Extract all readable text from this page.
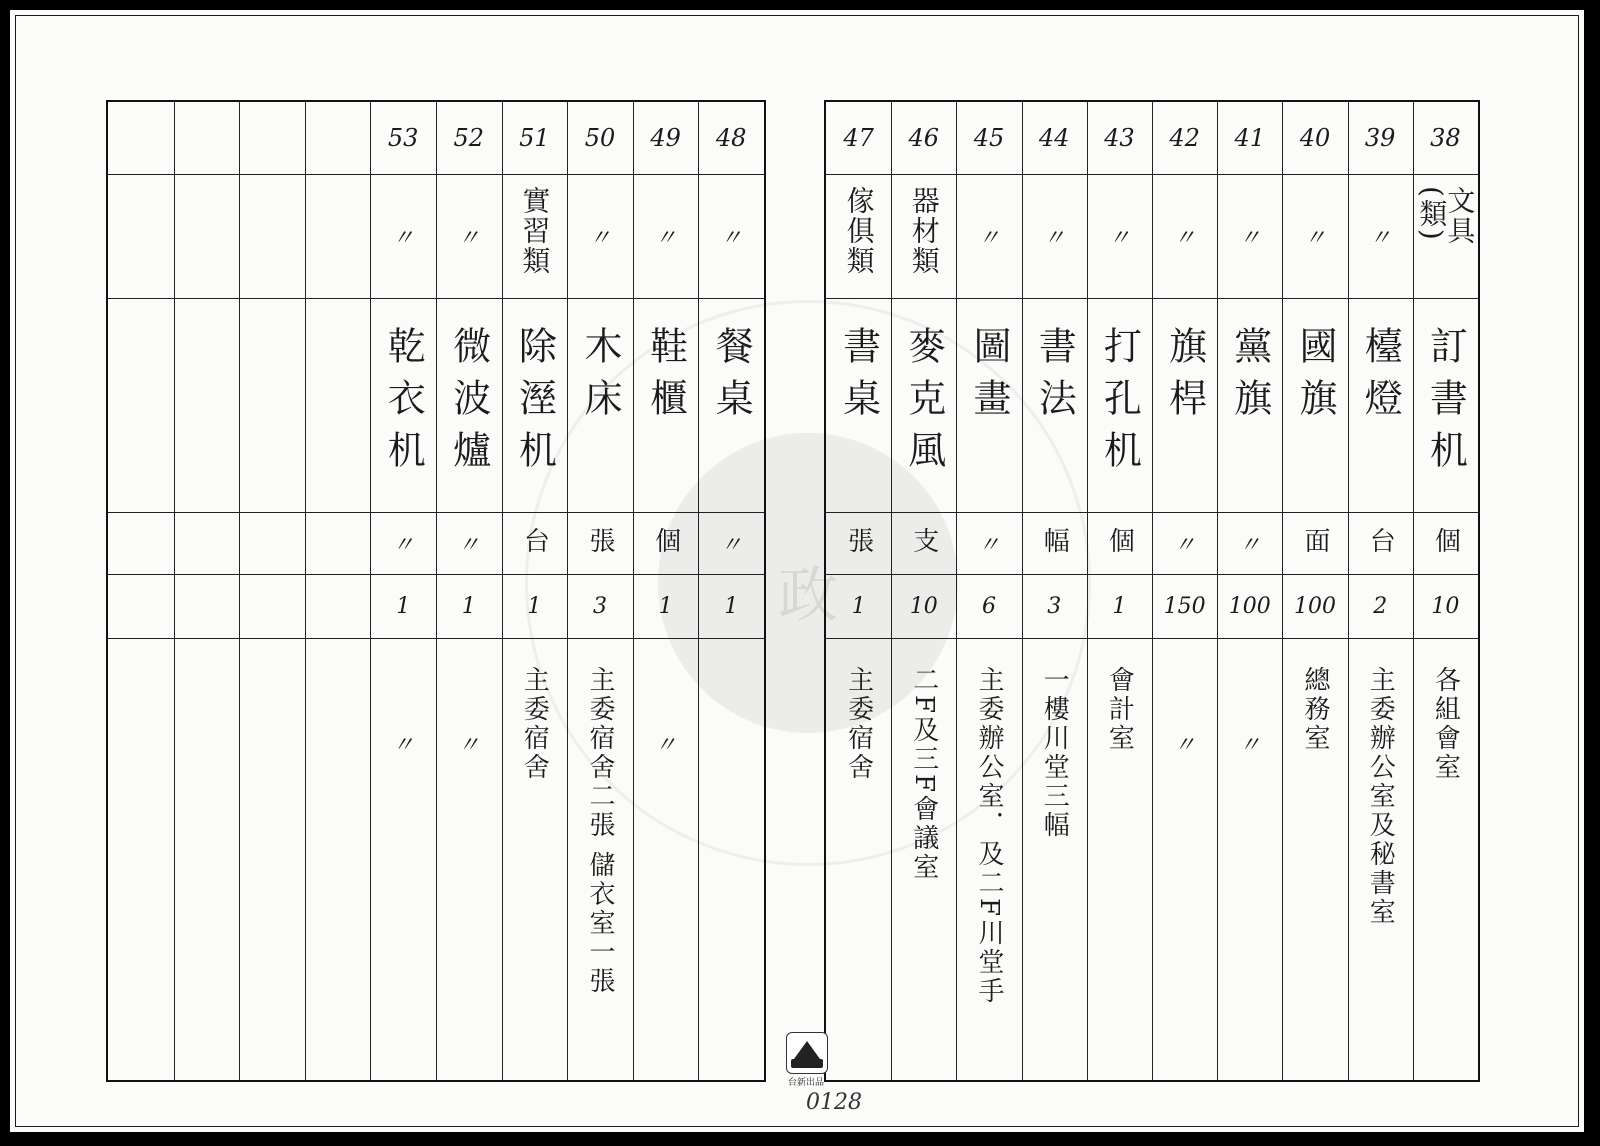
政
53
〃
乾衣机
〃
1
〃
52
〃
微波爐
〃
1
〃
51
實習類
除溼机
台
1
主委宿舍
50
〃
木床
張
3
主委宿舍二張 儲衣室一張
49
〃
鞋櫃
個
1
〃
48
〃
餐桌
〃
1
47
傢俱類
書桌
張
1
主委宿舍
46
器材類
麥克風
支
10
二F及三F會議室
45
〃
圖畫
〃
6
主委辦公室．及二F川堂手
44
〃
書法
幅
3
一樓川堂三幅
43
〃
打孔机
個
1
會計室
42
〃
旗桿
〃
150
〃
41
〃
黨旗
〃
100
〃
40
〃
國旗
面
100
總務室
39
〃
檯燈
台
2
主委辦公室及秘書室
38
文具(類)
訂書机
個
10
各組會室
台新出品
0128
